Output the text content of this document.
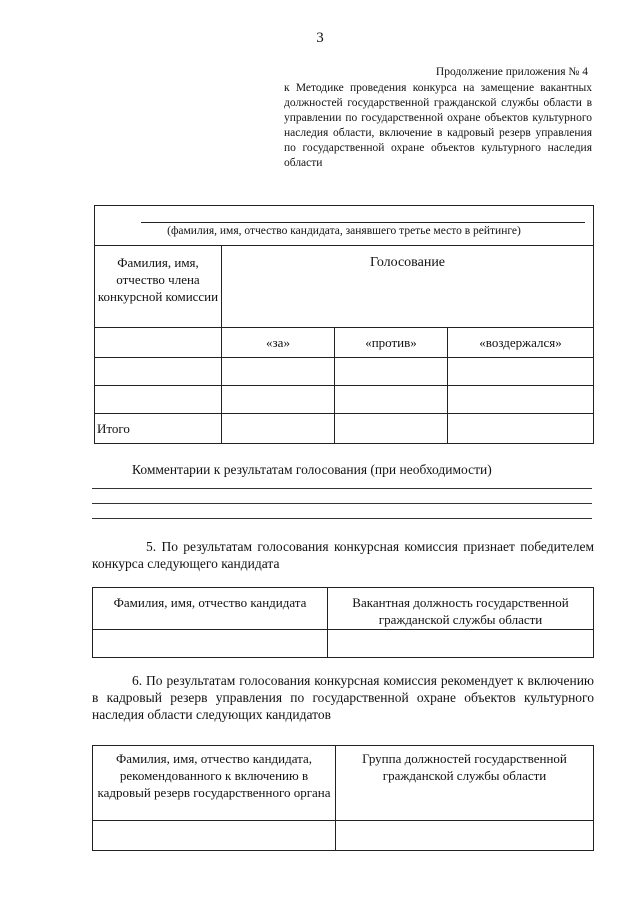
3
Продолжение приложения № 4
к Методике проведения конкурса на замещение вакантных должностей государственной гражданской службы области в управлении по государственной охране объектов культурного наследия области, включение в кадровый резерв управления по государственной охране объектов культурного наследия области
(фамилия, имя, отчество кандидата, занявшего третье место в рейтинге)			

Фамилия, имя, отчество члена конкурсной комиссии	Голосование		
	«за»	«против»	«воздержался»

Итого			
Комментарии к результатам голосования (при необходимости)
5. По результатам голосования конкурсная комиссия признает победителем конкурса следующего кандидата
Фамилия, имя, отчество кандидата	Вакантная должность государственной гражданской службы области

6. По результатам голосования конкурсная комиссия рекомендует к включению в кадровый резерв управления по государственной охране объектов культурного наследия области следующих кандидатов
Фамилия, имя, отчество кандидата, рекомендованного к включению в кадровый резерв государственного органа	Группа должностей государственной гражданской службы области
